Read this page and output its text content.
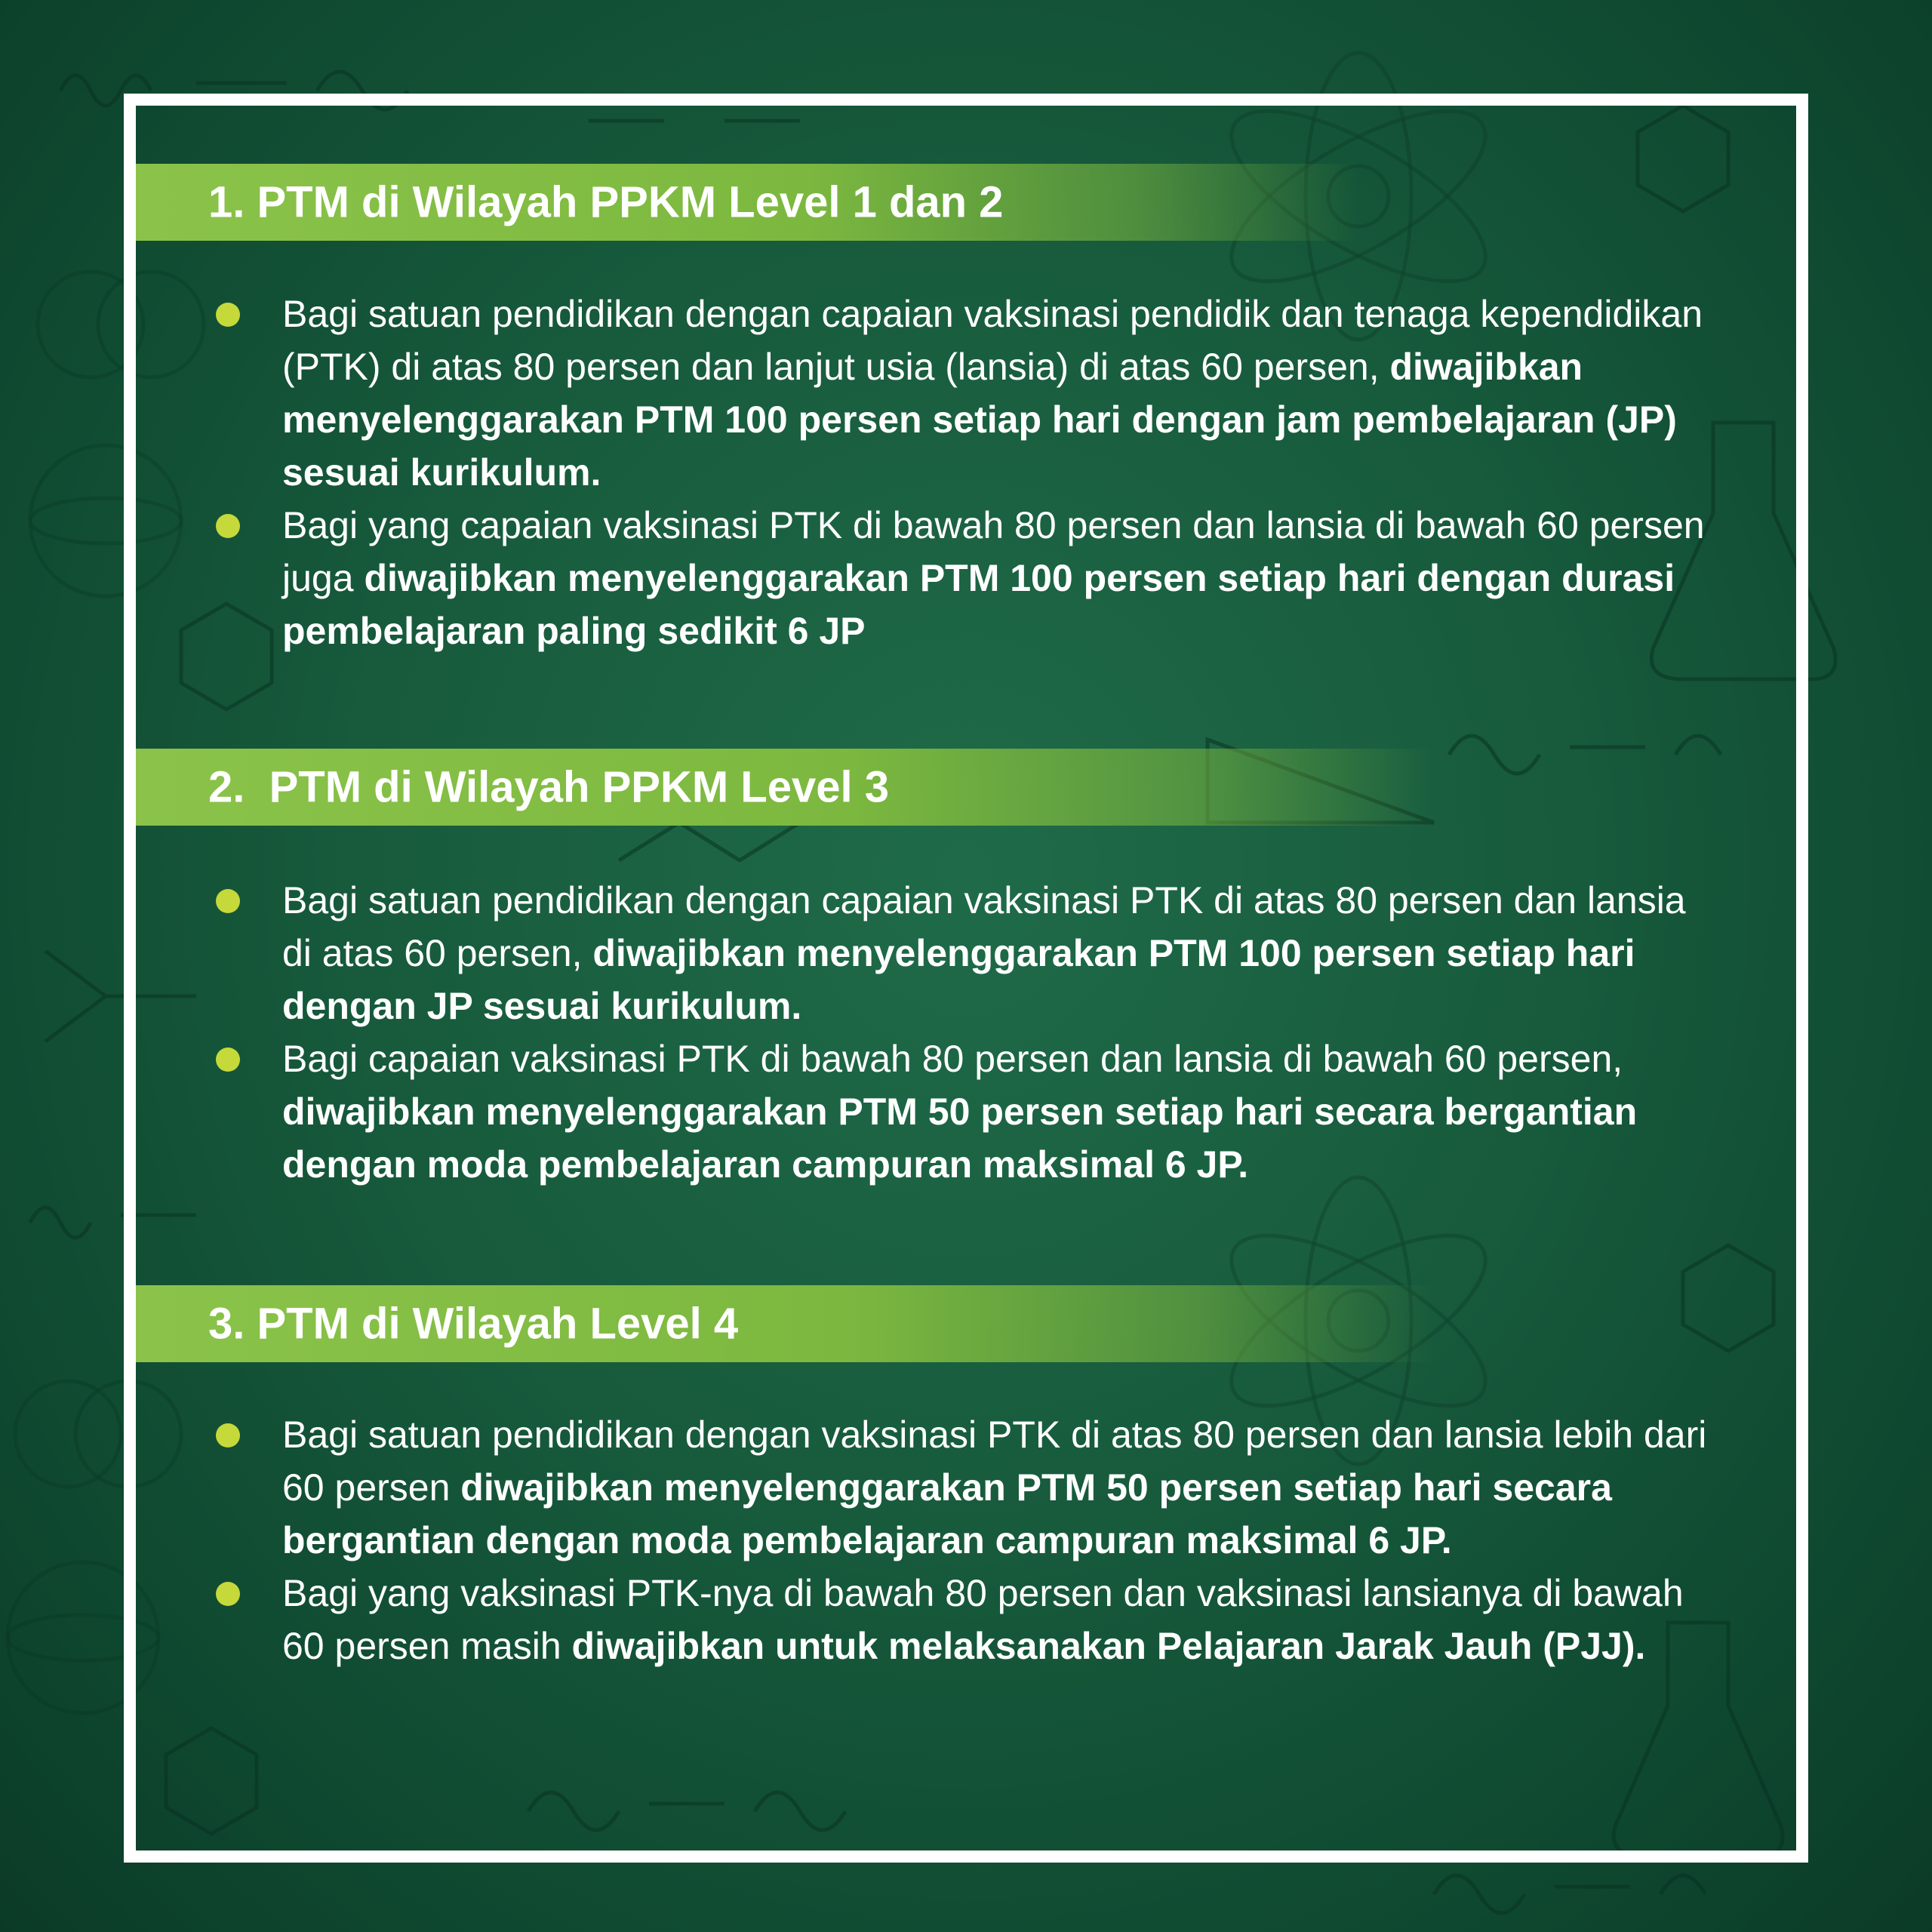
1. PTM di Wilayah PPKM Level 1 dan 2
Bagi satuan pendidikan dengan capaian vaksinasi pendidik dan tenaga kependidikan (PTK) di atas 80 persen dan lanjut usia (lansia) di atas 60 persen, diwajibkan menyelenggarakan PTM 100 persen setiap hari dengan jam pembelajaran (JP) sesuai kurikulum.
Bagi yang capaian vaksinasi PTK di bawah 80 persen dan lansia di bawah 60 persen juga diwajibkan menyelenggarakan PTM 100 persen setiap hari dengan durasi pembelajaran paling sedikit 6 JP
2.  PTM di Wilayah PPKM Level 3
Bagi satuan pendidikan dengan capaian vaksinasi PTK di atas 80 persen dan lansia di atas 60 persen, diwajibkan menyelenggarakan PTM 100 persen setiap hari dengan JP sesuai kurikulum.
Bagi capaian vaksinasi PTK di bawah 80 persen dan lansia di bawah 60 persen, diwajibkan menyelenggarakan PTM 50 persen setiap hari secara bergantian dengan moda pembelajaran campuran maksimal 6 JP.
3. PTM di Wilayah Level 4
Bagi satuan pendidikan dengan vaksinasi PTK di atas 80 persen dan lansia lebih dari 60 persen diwajibkan menyelenggarakan PTM 50 persen setiap hari secara bergantian dengan moda pembelajaran campuran maksimal 6 JP.
Bagi yang vaksinasi PTK-nya di bawah 80 persen dan vaksinasi lansianya di bawah 60 persen masih diwajibkan untuk melaksanakan Pelajaran Jarak Jauh (PJJ).
